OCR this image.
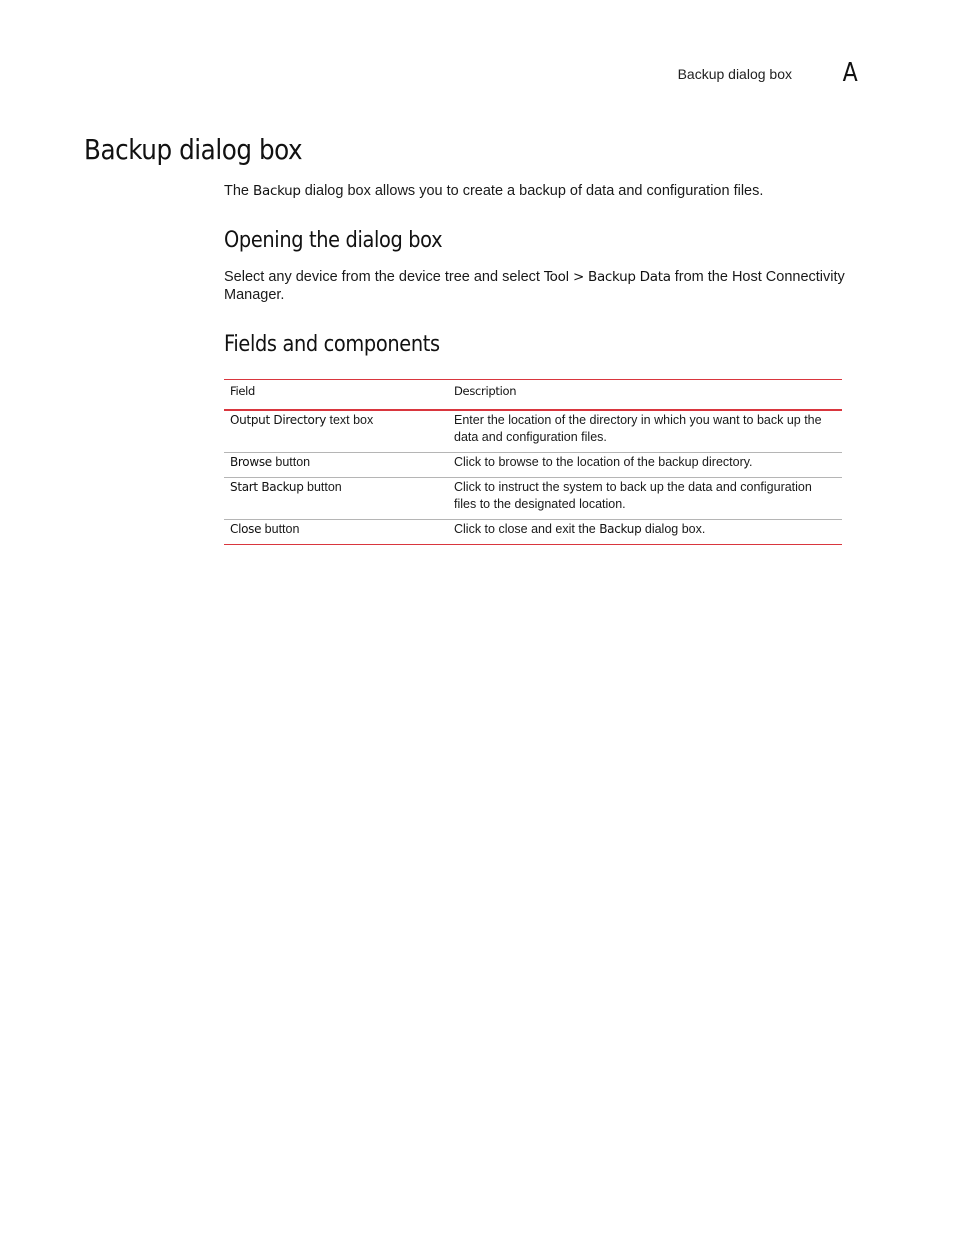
Backup dialog box A
Backup dialog box

The Backup dialog box allows you to create a backup of data and configuration files.

Opening the dialog box

Select any device from the device tree and select Tool > Backup Data from the Host Connectivity Manager.

Fields and components
Field	Description
Output Directory text box	Enter the location of the directory in which you want to back up the data and configuration files.
Browse button	Click to browse to the location of the backup directory.
Start Backup button	Click to instruct the system to back up the data and configuration files to the designated location.
Close button	Click to close and exit the Backup dialog box.
